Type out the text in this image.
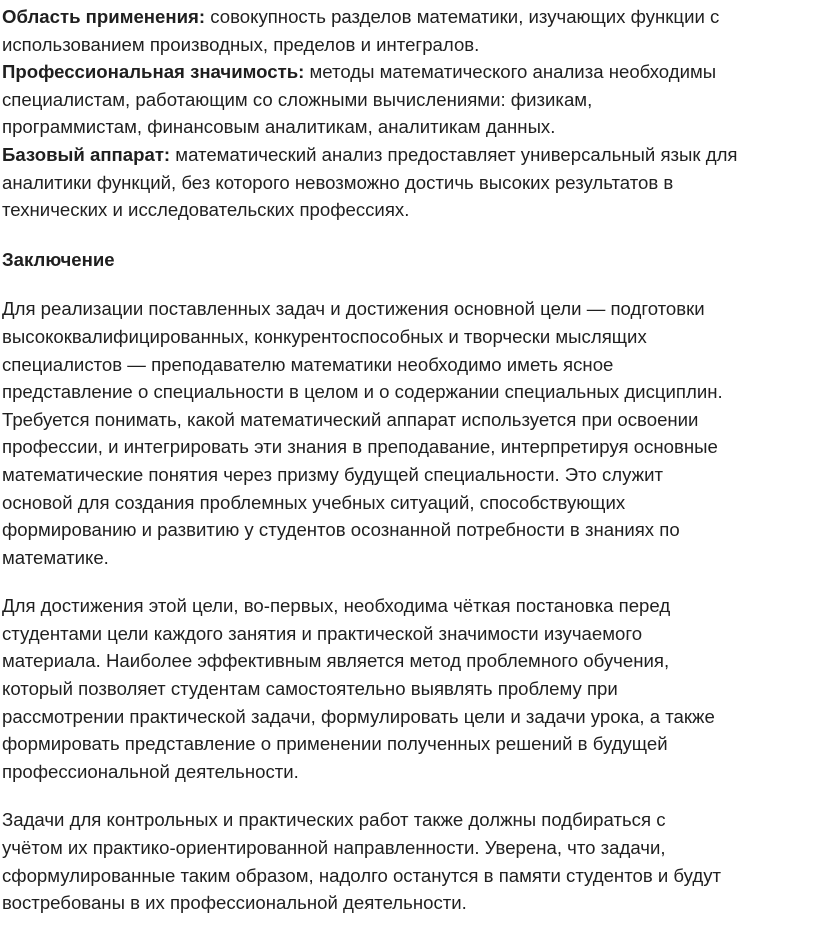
Область применения: совокупность разделов математики, изучающих функции с
использованием производных, пределов и интегралов.
Профессиональная значимость: методы математического анализа необходимы
специалистам, работающим со сложными вычислениями: физикам,
программистам, финансовым аналитикам, аналитикам данных.
Базовый аппарат: математический анализ предоставляет универсальный язык для
аналитики функций, без которого невозможно достичь высоких результатов в
технических и исследовательских профессиях.
Заключение
Для реализации поставленных задач и достижения основной цели — подготовки
высококвалифицированных, конкурентоспособных и творчески мыслящих
специалистов — преподавателю математики необходимо иметь ясное
представление о специальности в целом и о содержании специальных дисциплин.
Требуется понимать, какой математический аппарат используется при освоении
профессии, и интегрировать эти знания в преподавание, интерпретируя основные
математические понятия через призму будущей специальности. Это служит
основой для создания проблемных учебных ситуаций, способствующих
формированию и развитию у студентов осознанной потребности в знаниях по
математике.
Для достижения этой цели, во-первых, необходима чёткая постановка перед
студентами цели каждого занятия и практической значимости изучаемого
материала. Наиболее эффективным является метод проблемного обучения,
который позволяет студентам самостоятельно выявлять проблему при
рассмотрении практической задачи, формулировать цели и задачи урока, а также
формировать представление о применении полученных решений в будущей
профессиональной деятельности.
Задачи для контрольных и практических работ также должны подбираться с
учётом их практико-ориентированной направленности. Уверена, что задачи,
сформулированные таким образом, надолго останутся в памяти студентов и будут
востребованы в их профессиональной деятельности.
